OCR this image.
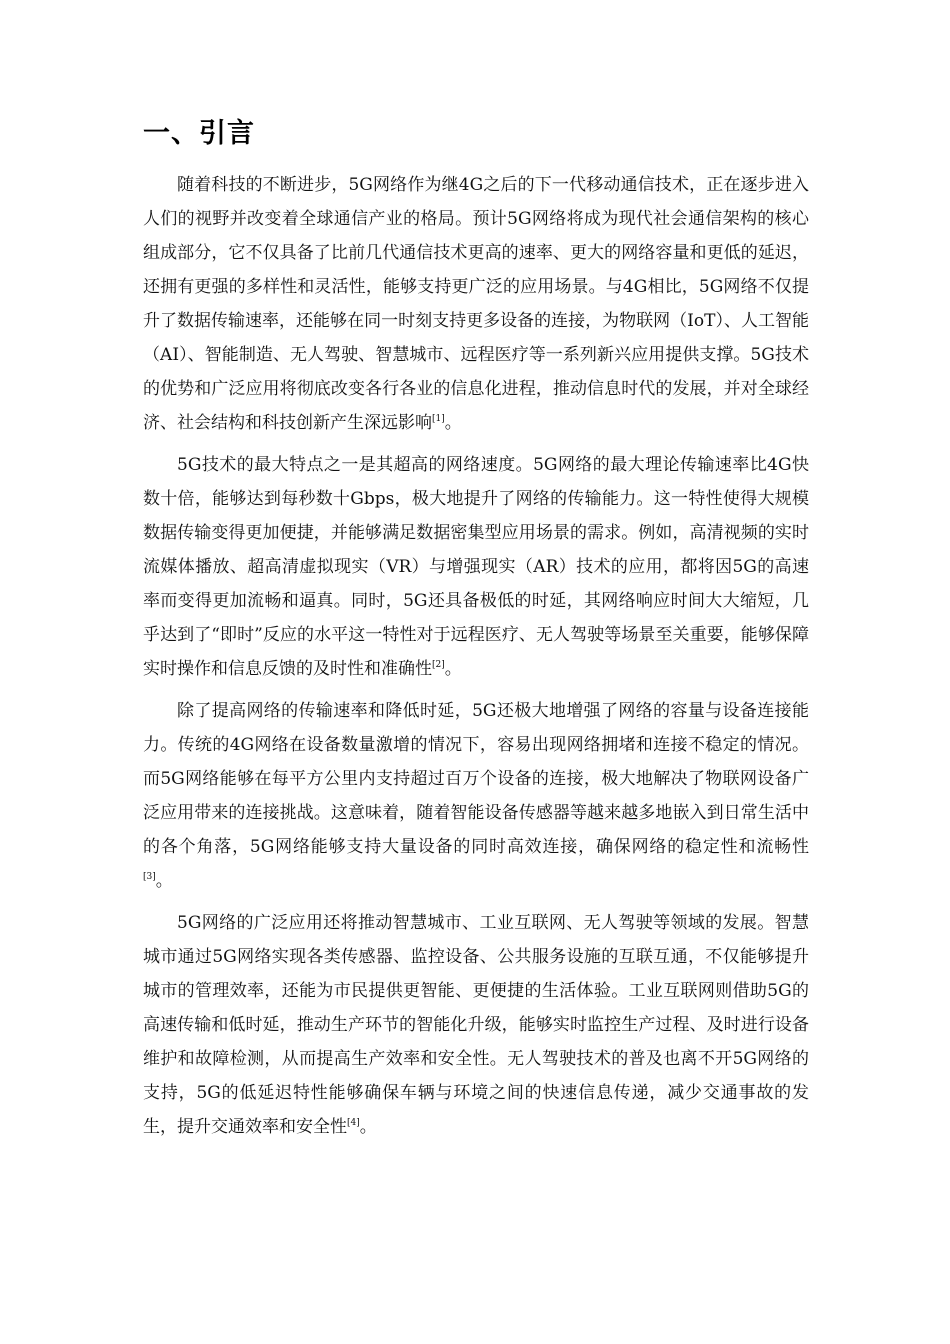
一、引言

随着科技的不断进步，5G网络作为继4G之后的下一代移动通信技术，正在逐步进入人们的视野并改变着全球通信产业的格局。预计5G网络将成为现代社会通信架构的核心组成部分，它不仅具备了比前几代通信技术更高的速率、更大的网络容量和更低的延迟，还拥有更强的多样性和灵活性，能够支持更广泛的应用场景。与4G相比，5G网络不仅提升了数据传输速率，还能够在同一时刻支持更多设备的连接，为物联网（IoT）、人工智能（AI）、智能制造、无人驾驶、智慧城市、远程医疗等一系列新兴应用提供支撑。5G技术的优势和广泛应用将彻底改变各行各业的信息化进程，推动信息时代的发展，并对全球经济、社会结构和科技创新产生深远影响[1]。

5G技术的最大特点之一是其超高的网络速度。5G网络的最大理论传输速率比4G快数十倍，能够达到每秒数十Gbps，极大地提升了网络的传输能力。这一特性使得大规模数据传输变得更加便捷，并能够满足数据密集型应用场景的需求。例如，高清视频的实时流媒体播放、超高清虚拟现实（VR）与增强现实（AR）技术的应用，都将因5G的高速率而变得更加流畅和逼真。同时，5G还具备极低的时延，其网络响应时间大大缩短，几乎达到了“即时”反应的水平这一特性对于远程医疗、无人驾驶等场景至关重要，能够保障实时操作和信息反馈的及时性和准确性[2]。

除了提高网络的传输速率和降低时延，5G还极大地增强了网络的容量与设备连接能力。传统的4G网络在设备数量激增的情况下，容易出现网络拥堵和连接不稳定的情况。而5G网络能够在每平方公里内支持超过百万个设备的连接，极大地解决了物联网设备广泛应用带来的连接挑战。这意味着，随着智能设备传感器等越来越多地嵌入到日常生活中的各个角落，5G网络能够支持大量设备的同时高效连接，确保网络的稳定性和流畅性[3]。

5G网络的广泛应用还将推动智慧城市、工业互联网、无人驾驶等领域的发展。智慧城市通过5G网络实现各类传感器、监控设备、公共服务设施的互联互通，不仅能够提升城市的管理效率，还能为市民提供更智能、更便捷的生活体验。工业互联网则借助5G的高速传输和低时延，推动生产环节的智能化升级，能够实时监控生产过程、及时进行设备维护和故障检测，从而提高生产效率和安全性。无人驾驶技术的普及也离不开5G网络的支持，5G的低延迟特性能够确保车辆与环境之间的快速信息传递，减少交通事故的发生，提升交通效率和安全性[4]。
